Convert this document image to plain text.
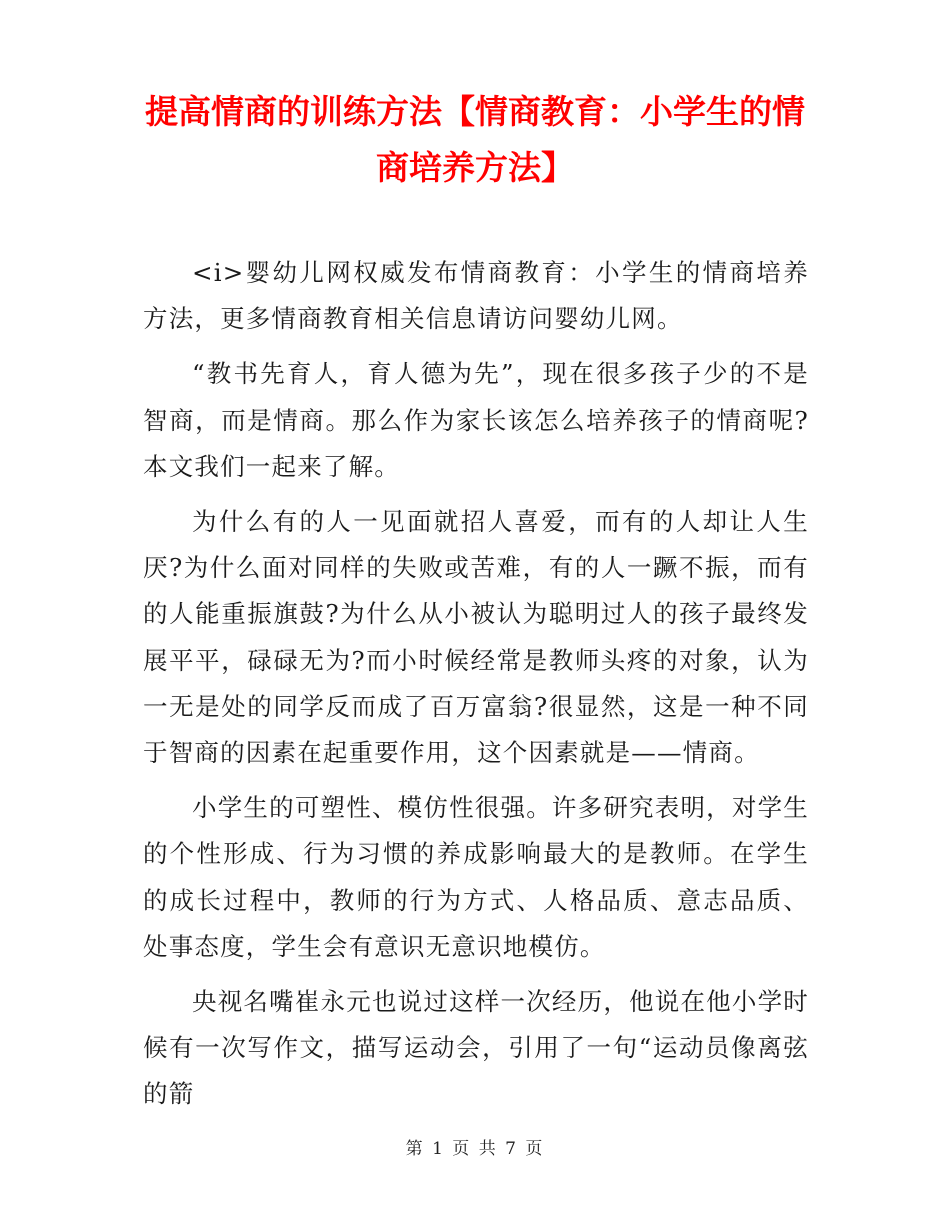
提高情商的训练方法【情商教育：小学生的情商培养方法】

<i>婴幼儿网权威发布情商教育：小学生的情商培养方法，更多情商教育相关信息请访问婴幼儿网。

“教书先育人，育人德为先”，现在很多孩子少的不是智商，而是情商。那么作为家长该怎么培养孩子的情商呢?本文我们一起来了解。

为什么有的人一见面就招人喜爱，而有的人却让人生厌?为什么面对同样的失败或苦难，有的人一蹶不振，而有的人能重振旗鼓?为什么从小被认为聪明过人的孩子最终发展平平，碌碌无为?而小时候经常是教师头疼的对象，认为一无是处的同学反而成了百万富翁?很显然，这是一种不同于智商的因素在起重要作用，这个因素就是——情商。

小学生的可塑性、模仿性很强。许多研究表明，对学生的个性形成、行为习惯的养成影响最大的是教师。在学生的成长过程中，教师的行为方式、人格品质、意志品质、处事态度，学生会有意识无意识地模仿。

央视名嘴崔永元也说过这样一次经历，他说在他小学时候有一次写作文，描写运动会，引用了一句“运动员像离弦的箭

第 1 页 共 7 页
